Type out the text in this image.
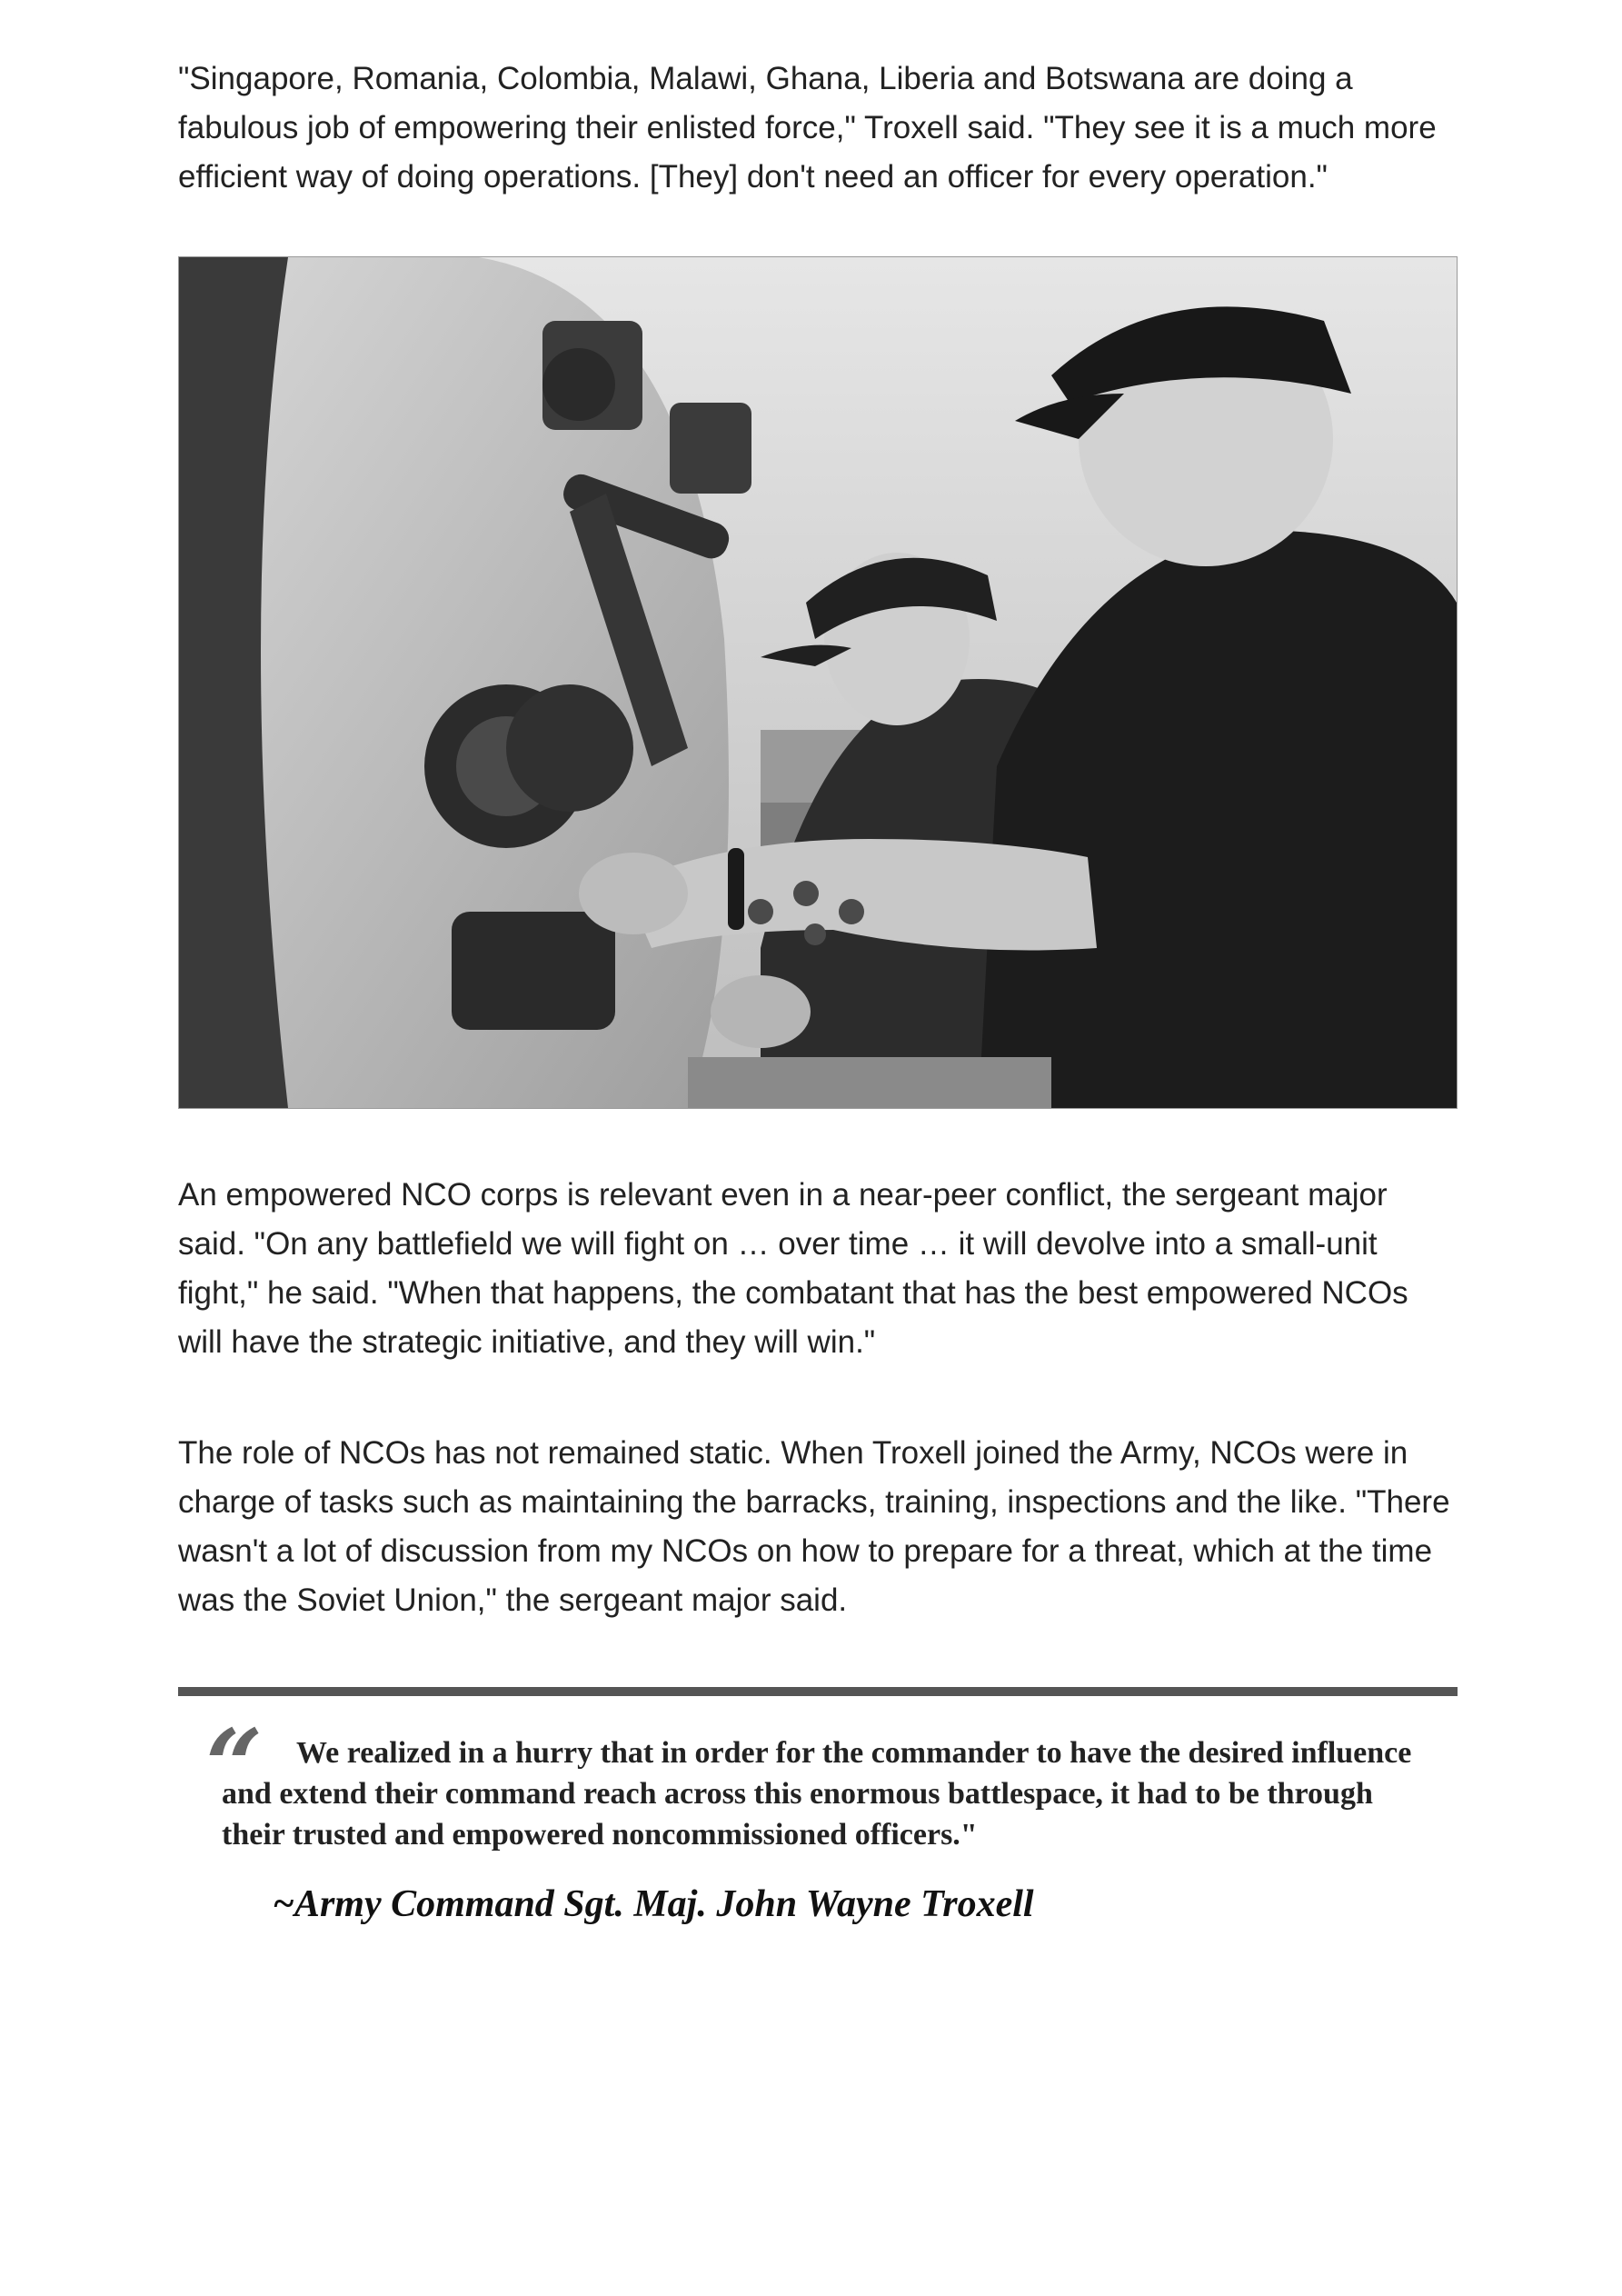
"Singapore, Romania, Colombia, Malawi, Ghana, Liberia and Botswana are doing a fabulous job of empowering their enlisted force," Troxell said. "They see it is a much more efficient way of doing operations. [They] don't need an officer for every operation."

An empowered NCO corps is relevant even in a near-peer conflict, the sergeant major said. "On any battlefield we will fight on … over time … it will devolve into a small-unit fight," he said. "When that happens, the combatant that has the best empowered NCOs will have the strategic initiative, and they will win."

The role of NCOs has not remained static. When Troxell joined the Army, NCOs were in charge of tasks such as maintaining the barracks, training, inspections and the like. "There wasn't a lot of discussion from my NCOs on how to prepare for a threat, which at the time was the Soviet Union," the sergeant major said.

“	We realized in a hurry that in order for the commander to have the desired influence and extend their command reach across this enormous battlespace, it had to be through their trusted and empowered noncommissioned officers."

~Army Command Sgt. Maj. John Wayne Troxell
